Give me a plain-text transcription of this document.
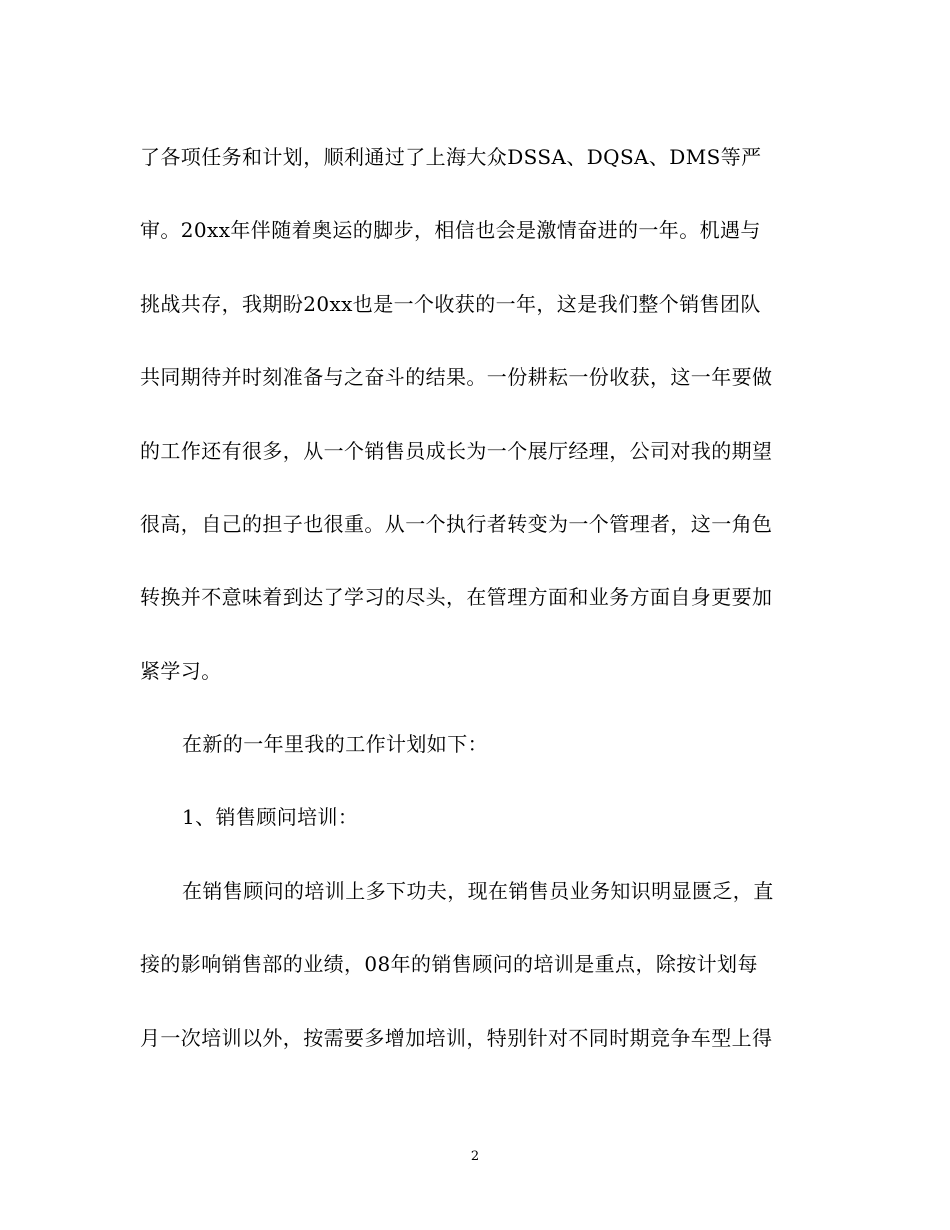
了各项任务和计划，顺利通过了上海大众DSSA、DQSA、DMS等严
审。20xx年伴随着奥运的脚步，相信也会是激情奋进的一年。机遇与
挑战共存，我期盼20xx也是一个收获的一年，这是我们整个销售团队
共同期待并时刻准备与之奋斗的结果。一份耕耘一份收获，这一年要做
的工作还有很多，从一个销售员成长为一个展厅经理，公司对我的期望
很高，自己的担子也很重。从一个执行者转变为一个管理者，这一角色
转换并不意味着到达了学习的尽头，在管理方面和业务方面自身更要加
紧学习。
在新的一年里我的工作计划如下：
1、销售顾问培训：
在销售顾问的培训上多下功夫，现在销售员业务知识明显匮乏，直
接的影响销售部的业绩，08年的销售顾问的培训是重点，除按计划每
月一次培训以外，按需要多增加培训，特别针对不同时期竞争车型上得
2
